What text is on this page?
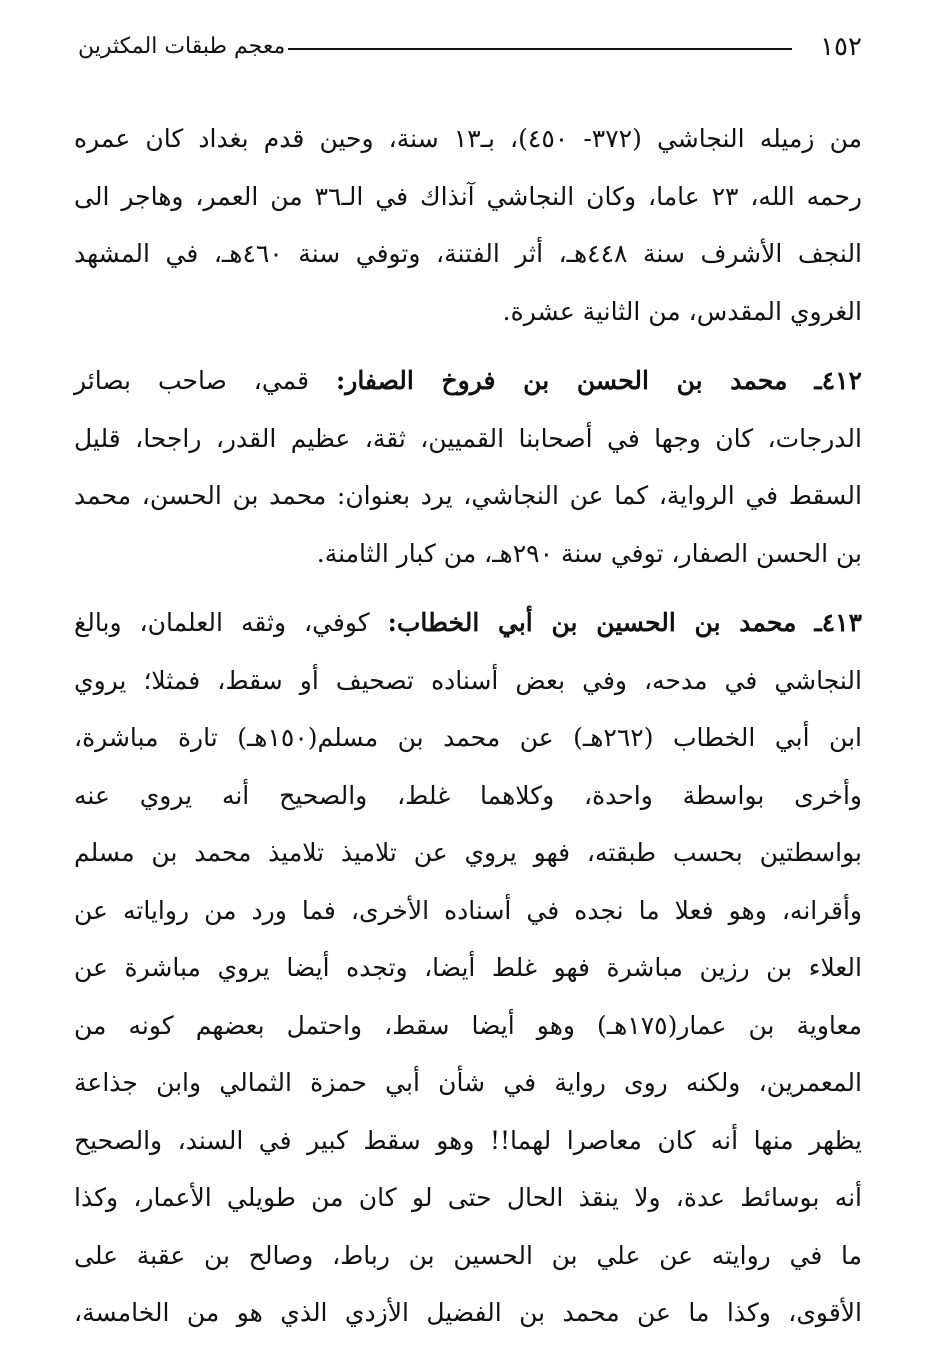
١٥٢
معجم طبقات المكثرين
من زميله النجاشي (٣٧٢- ٤٥٠)، بـ١٣ سنة، وحين قدم بغداد كان عمره
رحمه الله، ٢٣ عاما، وكان النجاشي آنذاك في الـ٣٦ من العمر، وهاجر الى
النجف الأشرف سنة ٤٤٨هـ، أثر الفتنة، وتوفي سنة ٤٦٠هـ، في المشهد
الغروي المقدس، من الثانية عشرة.
٤١٢ـ محمد بن الحسن بن فروخ الصفار: قمي، صاحب بصائر
الدرجات، كان وجها في أصحابنا القميين، ثقة، عظيم القدر، راجحا، قليل
السقط في الرواية، كما عن النجاشي، يرد بعنوان: محمد بن الحسن، محمد
بن الحسن الصفار، توفي سنة ٢٩٠هـ، من كبار الثامنة.
٤١٣ـ محمد بن الحسين بن أبي الخطاب: كوفي، وثقه العلمان، وبالغ
النجاشي في مدحه، وفي بعض أسناده تصحيف أو سقط، فمثلا؛ يروي
ابن أبي الخطاب (٢٦٢هـ) عن محمد بن مسلم(١٥٠هـ) تارة مباشرة،
وأخرى بواسطة واحدة، وكلاهما غلط، والصحيح أنه يروي عنه
بواسطتين بحسب طبقته، فهو يروي عن تلاميذ تلاميذ محمد بن مسلم
وأقرانه، وهو فعلا ما نجده في أسناده الأخرى، فما ورد من رواياته عن
العلاء بن رزين مباشرة فهو غلط أيضا، وتجده أيضا يروي مباشرة عن
معاوية بن عمار(١٧٥هـ) وهو أيضا سقط، واحتمل بعضهم كونه من
المعمرين، ولكنه روى رواية في شأن أبي حمزة الثمالي وابن جذاعة
يظهر منها أنه كان معاصرا لهما!! وهو سقط كبير في السند، والصحيح
أنه بوسائط عدة، ولا ينقذ الحال حتى لو كان من طويلي الأعمار، وكذا
ما في روايته عن علي بن الحسين بن رباط، وصالح بن عقبة على
الأقوى، وكذا ما عن محمد بن الفضيل الأزدي الذي هو من الخامسة،
